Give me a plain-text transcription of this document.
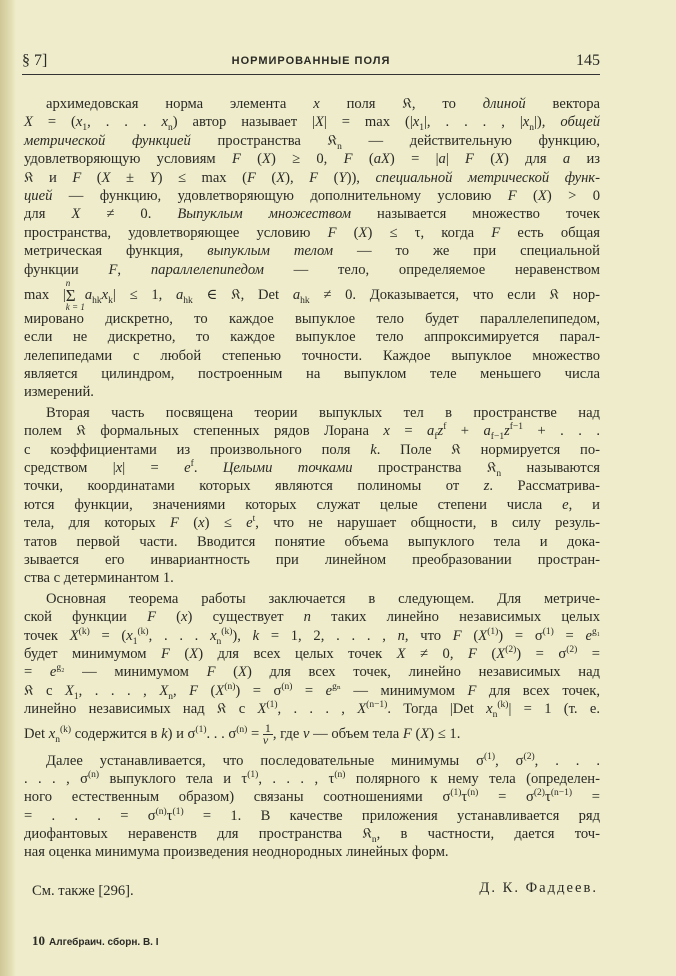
§ 7]	НОРМИРОВАННЫЕ ПОЛЯ	145
архимедовская норма элемента x поля 𝔎, то длиной вектора
$X = (x_1$, . . . $x_n$) автор называет $|X| = \max (|x_1|$, . . . , $|x_n|$), общей
метрической функцией пространства 𝔎$_n$ — действительную функцию,
удовлетворяющую условиям F (X) ≥ 0, F (aX) = |a| F (X) для a из
𝔎 и F (X ± Y) ≤ max (F (X), F (Y)), специальной метрической функ-
цией — функцию, удовлетворяющую дополнительному условию F (X) > 0
для X ≠ 0. Выпуклым множеством называется множество точек
пространства, удовлетворяющее условию F (X) ≤ τ, когда F есть общая
метрическая функция, выпуклым телом — то же при специальной
функции F, параллелепипедом — тело, определяемое неравенством
max |
n
Σ
k = 1
$a_{hk}x_k| \le 1$, $a_{hk}$ ∈ 𝔎, Det $a_{hk} \ne 0$. Доказывается, что если 𝔎 нор-
мировано дискретно, то каждое выпуклое тело будет параллелепипедом,
если не дискретно, то каждое выпуклое тело аппроксимируется парал-
лелепипедами с любой степенью точности. Каждое выпуклое множество
является цилиндром, построенным на выпуклом теле меньшего числа
измерений.
Вторая часть посвящена теории выпуклых тел в пространстве над
полем 𝔎 формальных степенных рядов Лорана $x = a_fz^f + a_{f-1}z^{f-1}$ + . . .
с коэффициентами из произвольного поля k. Поле 𝔎 нормируется по-
средством $|x| = e^f$. Целыми точками пространства 𝔎$_n$ называются
точки, координатами которых являются полиномы от z. Рассматрива-
ются функции, значениями которых служат целые степени числа e, и
тела, для которых F $(x) \le e^t$, что не нарушает общности, в силу резуль-
татов первой части. Вводится понятие объема выпуклого тела и дока-
зывается его инвариантность при линейном преобразовании простран-
ства с детерминантом 1.
Основная теорема работы заключается в следующем. Для метриче-
ской функции F (x) существует n таких линейно независимых целых
точек $X^{(k)} = (x_1^{(k)}$, . . . $x_n^{(k)}$), k = 1, 2, . . . , n, что F $(X^{(1)}) = \sigma^{(1)} = e^{g_1}$
будет минимумом F (X) для всех целых точек X ≠ 0, F $(X^{(2)}) = \sigma^{(2)}$ =
= $e^{g_2}$ — минимумом F (X) для всех точек, линейно независимых над
𝔎 с $X_1$, . . . , $X_n$, F $(X^{(n)}) = \sigma^{(n)} = e^{g_n}$ — минимумом F для всех точек,
линейно независимых над 𝔎 с $X^{(1)}$, . . . , $X^{(n-1)}$. Тогда |Det $x_n^{(k)}| = 1$ (т. е.
Det $x_n^{(k)}$ содержится в k) и $\sigma^{(1)}$. . . $\sigma^{(n)} = \frac{1}{v}$ , где v — объем тела F (X) ≤ 1.
Далее устанавливается, что последовательные минимумы $\sigma^{(1)}$, $\sigma^{(2)}$, . . .
. . . , $\sigma^{(n)}$ выпуклого тела и $\tau^{(1)}$, . . . , $\tau^{(n)}$ полярного к нему тела (определен-
ного естественным образом) связаны соотношениями $\sigma^{(1)}\tau^{(n)} = \sigma^{(2)}\tau^{(n-1)}$ =
= . . . = $\sigma^{(n)}\tau^{(1)} = 1$. В качестве приложения устанавливается ряд
диофантовых неравенств для пространства 𝔎$_n$, в частности, дается точ-
ная оценка минимума произведения неоднородных линейных форм.
См. также [296].	Д. К. Фаддеев.
10 Алгебраич. сборн. В. I
